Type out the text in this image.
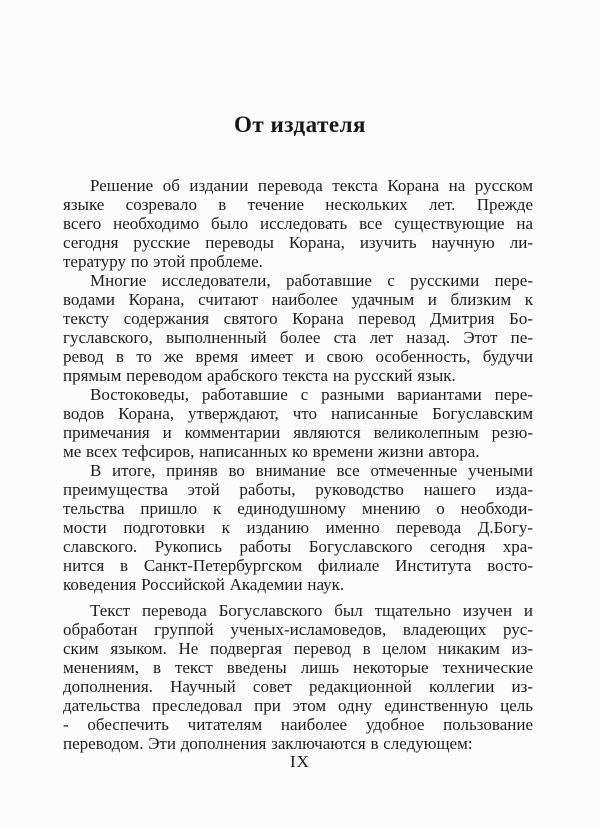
От издателя
Решение об издании перевода текста Корана на русском
языке созревало в течение нескольких лет. Прежде
всего необходимо было исследовать все существующие на
сегодня русские переводы Корана, изучить научную ли-
тературу по этой проблеме.
Многие исследователи, работавшие с русскими пере-
водами Корана, считают наиболее удачным и близким к
тексту содержания святого Корана перевод Дмитрия Бо-
гуславского, выполненный более ста лет назад. Этот пе-
ревод в то же время имеет и свою особенность, будучи
прямым переводом арабского текста на русский язык.
Востоковеды, работавшие с разными вариантами пере-
водов Корана, утверждают, что написанные Богуславским
примечания и комментарии являются великолепным резю-
ме всех тефсиров, написанных ко времени жизни автора.
В итоге, приняв во внимание все отмеченные учеными
преимущества этой работы, руководство нашего изда-
тельства пришло к единодушному мнению о необходи-
мости подготовки к изданию именно перевода Д.Богу-
славского. Рукопись работы Богуславского сегодня хра-
нится в Санкт-Петербургском филиале Института восто-
коведения Российской Академии наук.
Текст перевода Богуславского был тщательно изучен и
обработан группой ученых-исламоведов, владеющих рус-
ским языком. Не подвергая перевод в целом никаким из-
менениям, в текст введены лишь некоторые технические
дополнения. Научный совет редакционной коллегии из-
дательства преследовал при этом одну единственную цель
- обеспечить читателям наиболее удобное пользование
переводом. Эти дополнения заключаются в следующем:
IX
